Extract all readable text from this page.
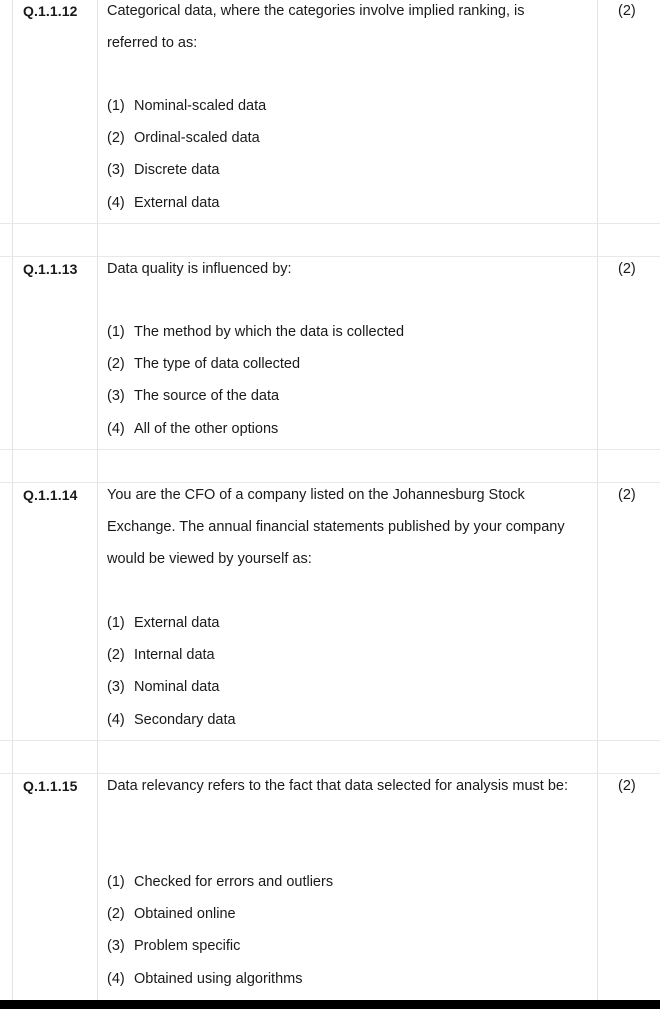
Q.1.1.12 Categorical data, where the categories involve implied ranking, is referred to as:
(2)
(1) Nominal-scaled data
(2) Ordinal-scaled data
(3) Discrete data
(4) External data
Q.1.1.13 Data quality is influenced by:	(2)
(1) The method by which the data is collected
(2) The type of data collected
(3) The source of the data
(4) All of the other options
Q.1.1.14 You are the CFO of a company listed on the Johannesburg Stock Exchange. The annual financial statements published by your company would be viewed by yourself as:
(2)
(1) External data
(2) Internal data
(3) Nominal data
(4) Secondary data
Q.1.1.15 Data relevancy refers to the fact that data selected for analysis must be:	(2)
(1) Checked for errors and outliers
(2) Obtained online
(3) Problem specific
(4) Obtained using algorithms
